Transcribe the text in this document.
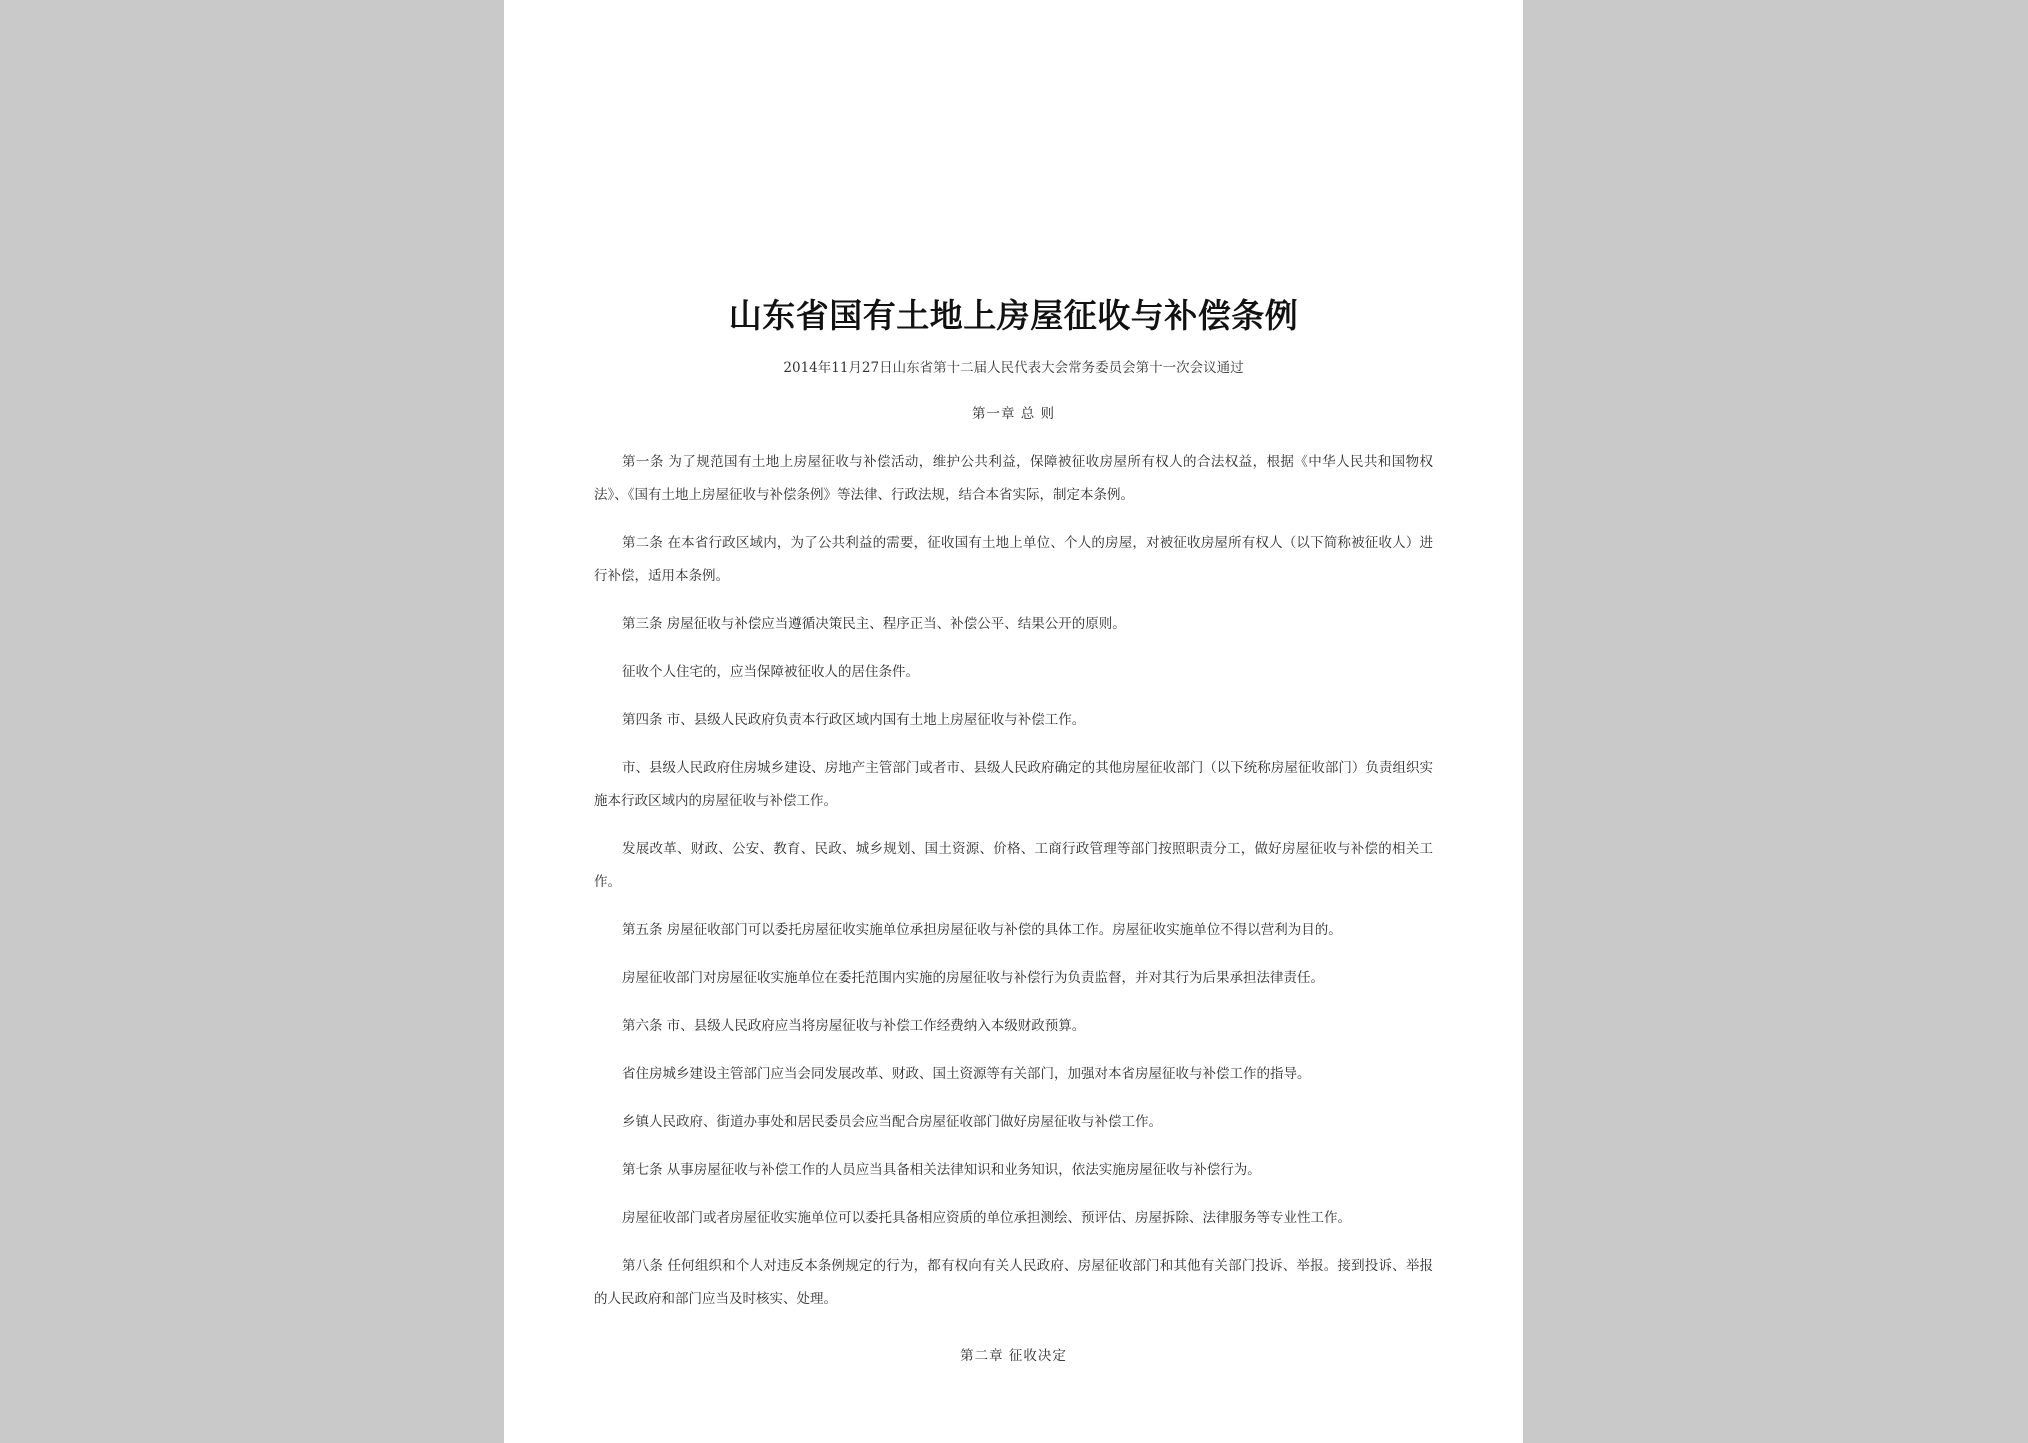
山东省国有土地上房屋征收与补偿条例
2014年11月27日山东省第十二届人民代表大会常务委员会第十一次会议通过
第一章 总 则

第一条 为了规范国有土地上房屋征收与补偿活动，维护公共利益，保障被征收房屋所有权人的合法权益，根据《中华人民共和国物权法》、《国有土地上房屋征收与补偿条例》等法律、行政法规，结合本省实际，制定本条例。

第二条 在本省行政区域内，为了公共利益的需要，征收国有土地上单位、个人的房屋，对被征收房屋所有权人（以下简称被征收人）进行补偿，适用本条例。

第三条 房屋征收与补偿应当遵循决策民主、程序正当、补偿公平、结果公开的原则。

征收个人住宅的，应当保障被征收人的居住条件。

第四条 市、县级人民政府负责本行政区域内国有土地上房屋征收与补偿工作。

市、县级人民政府住房城乡建设、房地产主管部门或者市、县级人民政府确定的其他房屋征收部门（以下统称房屋征收部门）负责组织实施本行政区域内的房屋征收与补偿工作。

发展改革、财政、公安、教育、民政、城乡规划、国土资源、价格、工商行政管理等部门按照职责分工，做好房屋征收与补偿的相关工作。

第五条 房屋征收部门可以委托房屋征收实施单位承担房屋征收与补偿的具体工作。房屋征收实施单位不得以营利为目的。

房屋征收部门对房屋征收实施单位在委托范围内实施的房屋征收与补偿行为负责监督，并对其行为后果承担法律责任。

第六条 市、县级人民政府应当将房屋征收与补偿工作经费纳入本级财政预算。

省住房城乡建设主管部门应当会同发展改革、财政、国土资源等有关部门，加强对本省房屋征收与补偿工作的指导。

乡镇人民政府、街道办事处和居民委员会应当配合房屋征收部门做好房屋征收与补偿工作。

第七条 从事房屋征收与补偿工作的人员应当具备相关法律知识和业务知识，依法实施房屋征收与补偿行为。

房屋征收部门或者房屋征收实施单位可以委托具备相应资质的单位承担测绘、预评估、房屋拆除、法律服务等专业性工作。

第八条 任何组织和个人对违反本条例规定的行为，都有权向有关人民政府、房屋征收部门和其他有关部门投诉、举报。接到投诉、举报的人民政府和部门应当及时核实、处理。

第二章 征收决定
